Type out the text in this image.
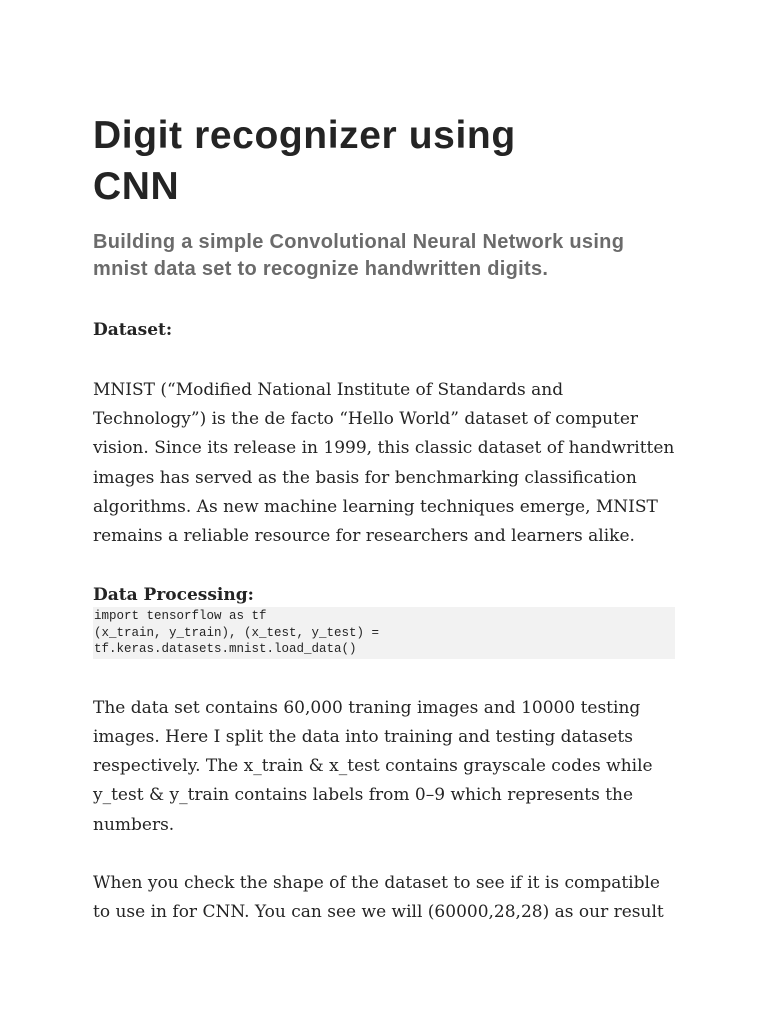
Digit recognizer using CNN
Building a simple Convolutional Neural Network using mnist data set to recognize handwritten digits.

Dataset:

MNIST (“Modified National Institute of Standards and Technology”) is the de facto “Hello World” dataset of computer vision. Since its release in 1999, this classic dataset of handwritten images has served as the basis for benchmarking classification algorithms. As new machine learning techniques emerge, MNIST remains a reliable resource for researchers and learners alike.

Data Processing:

import tensorflow as tf
(x_train, y_train), (x_test, y_test) =
tf.keras.datasets.mnist.load_data()

The data set contains 60,000 traning images and 10000 testing images. Here I split the data into training and testing datasets respectively. The x_train & x_test contains grayscale codes while y_test & y_train contains labels from 0–9 which represents the numbers.

When you check the shape of the dataset to see if it is compatible to use in for CNN. You can see we will (60000,28,28) as our result
